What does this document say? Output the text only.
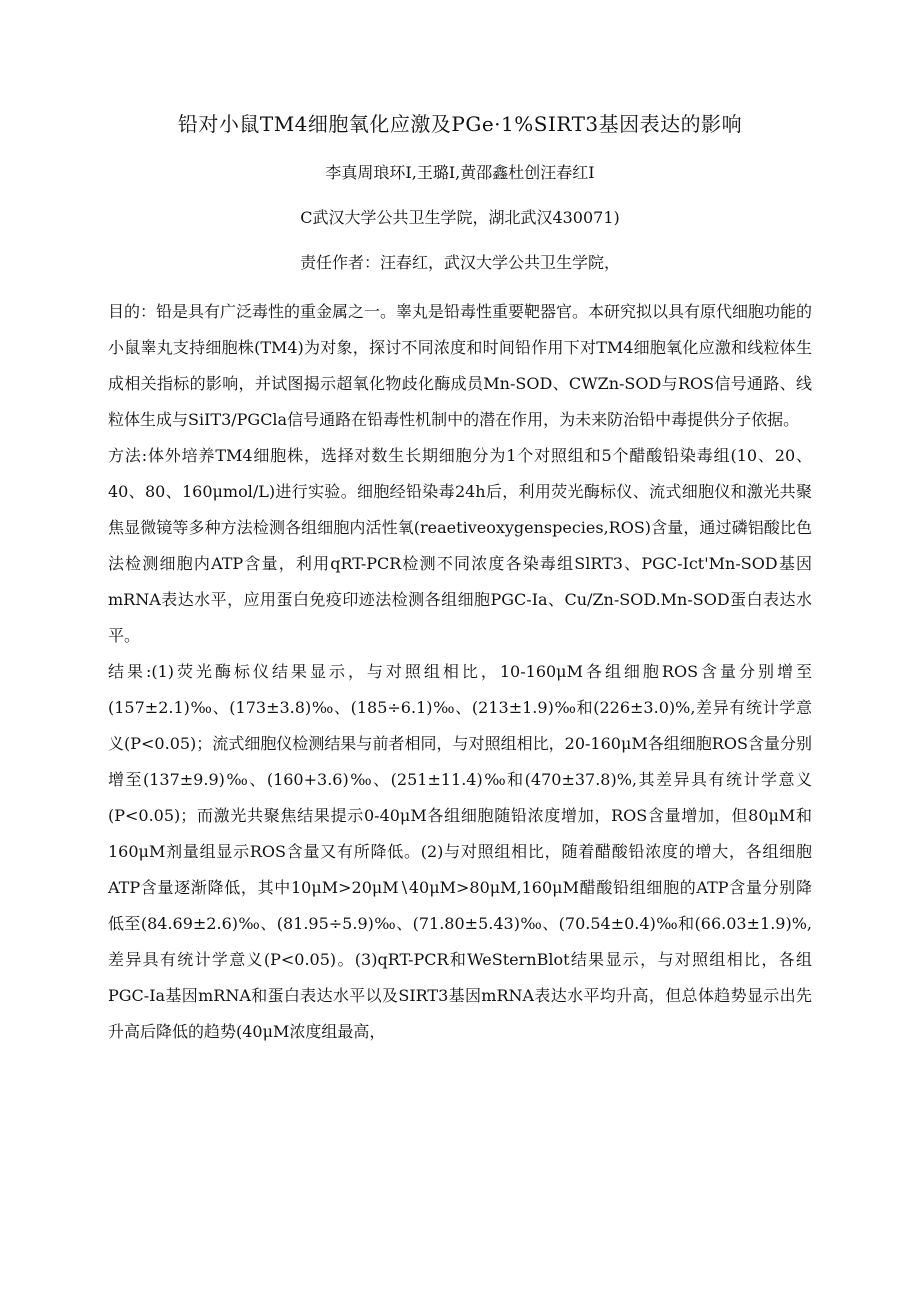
铅对小鼠TM4细胞氧化应激及PGe·1%SIRT3基因表达的影响
李真周琅环I,王璐I,黄邵鑫杜创汪春红I
C武汉大学公共卫生学院，湖北武汉430071)
责任作者：汪春红，武汉大学公共卫生学院，

目的：铅是具有广泛毒性的重金属之一。睾丸是铅毒性重要靶器官。本研究拟以具有原代细胞功能的小鼠睾丸支持细胞株(TM4)为对象，探讨不同浓度和时间铅作用下对TM4细胞氧化应激和线粒体生成相关指标的影响，并试图揭示超氧化物歧化酶成员Mn-SOD、CWZn-SOD与ROS信号通路、线粒体生成与SiIT3/PGCla信号通路在铅毒性机制中的潜在作用，为未来防治铅中毒提供分子依据。

方法:体外培养TM4细胞株，选择对数生长期细胞分为1个对照组和5个醋酸铅染毒组(10、20、40、80、160μmol∕L)进行实验。细胞经铅染毒24h后，利用荧光酶标仪、流式细胞仪和激光共聚焦显微镜等多种方法检测各组细胞内活性氧(reaetiveoxygenspecies,ROS)含量，通过磷铝酸比色法检测细胞内ATP含量，利用qRT-PCR检测不同浓度各染毒组SlRT3、PGC-Ict'Mn-SOD基因mRNA表达水平，应用蛋白免疫印迹法检测各组细胞PGC-Ia、Cu/Zn-SOD.Mn-SOD蛋白表达水平。

结果:(1)荧光酶标仪结果显示，与对照组相比，10-160μM各组细胞ROS含量分别增至(157±2.1)‰、(173±3.8)‰、(185÷6.1)‰、(213±1.9)‰和(226±3.0)%,差异有统计学意义(P<0.05)；流式细胞仪检测结果与前者相同，与对照组相比，20-160μM各组细胞ROS含量分别增至(137±9.9)‰、(160+3.6)‰、(251±11.4)‰和(470±37.8)%,其差异具有统计学意义(P<0.05)；而激光共聚焦结果提示0-40μM各组细胞随铅浓度增加，ROS含量增加，但80μM和160μM剂量组显示ROS含量又有所降低。(2)与对照组相比，随着醋酸铅浓度的增大，各组细胞ATP含量逐渐降低，其中10μM>20μM∖40μM>80μM,160μM醋酸铅组细胞的ATP含量分别降低至(84.69±2.6)‰、(81.95÷5.9)‰、(71.80±5.43)‰、(70.54±0.4)‰和(66.03±1.9)%,差异具有统计学意义(P<0.05)。(3)qRT-PCR和WeSternBlot结果显示，与对照组相比，各组PGC-Ia基因mRNA和蛋白表达水平以及SIRT3基因mRNA表达水平均升高，但总体趋势显示出先升高后降低的趋势(40μM浓度组最高，
